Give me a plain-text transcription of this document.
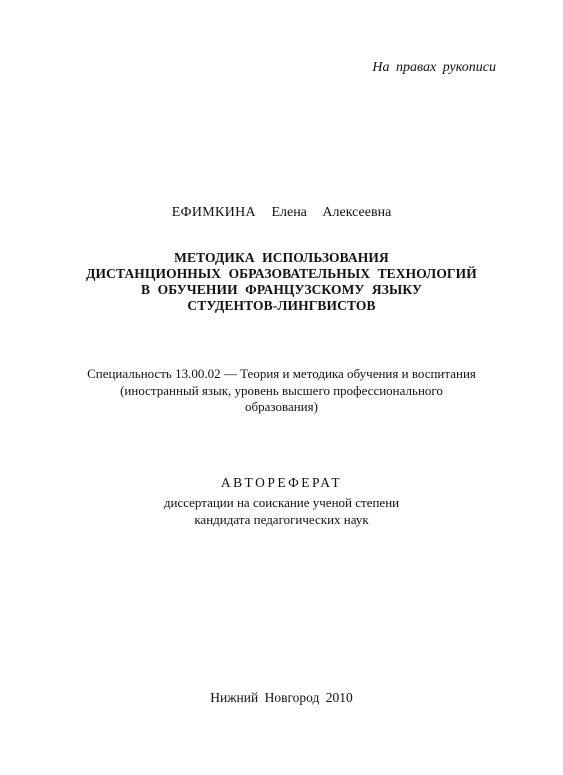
На правах рукописи
ЕФИМКИНА Елена Алексеевна
МЕТОДИКА ИСПОЛЬЗОВАНИЯ
ДИСТАНЦИОННЫХ ОБРАЗОВАТЕЛЬНЫХ ТЕХНОЛОГИЙ
В ОБУЧЕНИИ ФРАНЦУЗСКОМУ ЯЗЫКУ
СТУДЕНТОВ-ЛИНГВИСТОВ
Специальность 13.00.02 — Теория и методика обучения и воспитания
(иностранный язык, уровень высшего профессионального
образования)
АВТОРЕФЕРАТ
диссертации на соискание ученой степени
кандидата педагогических наук
Нижний Новгород 2010
